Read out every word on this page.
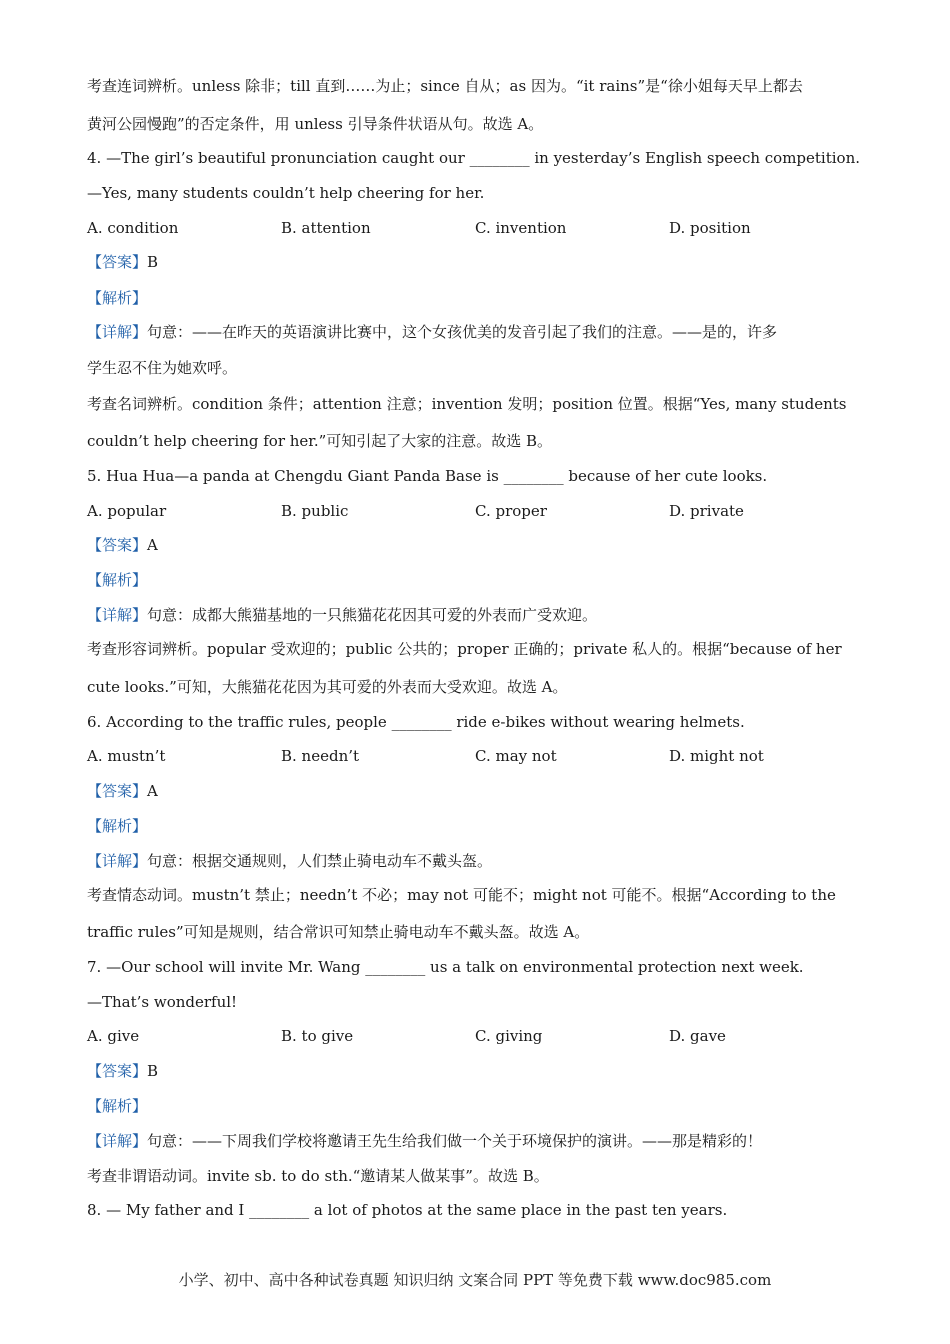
考查连词辨析。unless 除非；till 直到……为止；since 自从；as 因为。“it rains”是“徐小姐每天早上都去
黄河公园慢跑”的否定条件，用 unless 引导条件状语从句。故选 A。
4. —The girl’s beautiful pronunciation caught our ________ in yesterday’s English speech competition.
—Yes, many students couldn’t help cheering for her.
A. condition	B. attention	C. invention	D. position
【答案】B
【解析】
【详解】句意：——在昨天的英语演讲比赛中，这个女孩优美的发音引起了我们的注意。——是的，许多
学生忍不住为她欢呼。
考查名词辨析。condition 条件；attention 注意；invention 发明；position 位置。根据“Yes, many students
couldn’t help cheering for her.”可知引起了大家的注意。故选 B。
5. Hua Hua—a panda at Chengdu Giant Panda Base is ________ because of her cute looks.
A. popular	B. public	C. proper	D. private
【答案】A
【解析】
【详解】句意：成都大熊猫基地的一只熊猫花花因其可爱的外表而广受欢迎。
考查形容词辨析。popular 受欢迎的；public 公共的；proper 正确的；private 私人的。根据“because of her
cute looks.”可知，大熊猫花花因为其可爱的外表而大受欢迎。故选 A。
6. According to the traffic rules, people ________ ride e-bikes without wearing helmets.
A. mustn’t	B. needn’t	C. may not	D. might not
【答案】A
【解析】
【详解】句意：根据交通规则，人们禁止骑电动车不戴头盔。
考查情态动词。mustn’t 禁止；needn’t 不必；may not 可能不；might not 可能不。根据“According to the
traffic rules”可知是规则，结合常识可知禁止骑电动车不戴头盔。故选 A。
7. —Our school will invite Mr. Wang ________ us a talk on environmental protection next week.
—That’s wonderful!
A. give	B. to give	C. giving	D. gave
【答案】B
【解析】
【详解】句意：——下周我们学校将邀请王先生给我们做一个关于环境保护的演讲。——那是精彩的！
考查非谓语动词。invite sb. to do sth.“邀请某人做某事”。故选 B。
8. — My father and I ________ a lot of photos at the same place in the past ten years.
小学、初中、高中各种试卷真题 知识归纳 文案合同 PPT 等免费下载 www.doc985.com
